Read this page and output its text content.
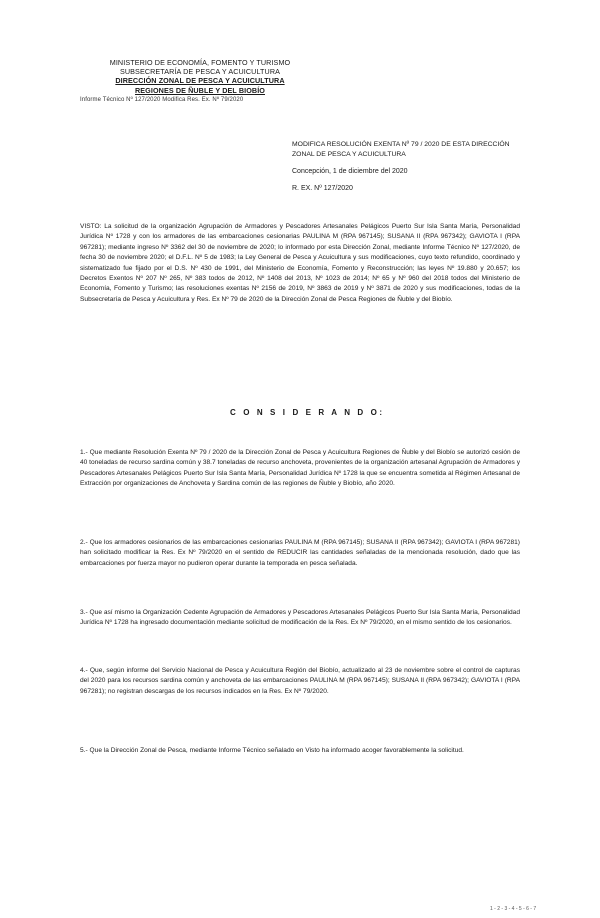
MINISTERIO DE ECONOMÍA, FOMENTO Y TURISMO
SUBSECRETARÍA DE PESCA Y ACUICULTURA
DIRECCIÓN ZONAL DE PESCA Y ACUICULTURA
REGIONES DE ÑUBLE Y DEL BIOBÍO
Informe Técnico Nº 127/2020 Modifica Res. Ex. Nº 79/2020
MODIFICA RESOLUCIÓN EXENTA Nº 79 / 2020 DE ESTA DIRECCIÓN ZONAL DE PESCA Y ACUICULTURA
Concepción, 1 de diciembre del 2020
R. EX. Nº 127/2020
VISTO: La solicitud de la organización Agrupación de Armadores y Pescadores Artesanales Pelágicos Puerto Sur Isla Santa María, Personalidad Jurídica Nº 1728 y con los armadores de las embarcaciones cesionarias PAULINA M (RPA 967145); SUSANA II (RPA 967342); GAVIOTA I (RPA 967281); mediante ingreso Nº 3362 del 30 de noviembre de 2020; lo informado por esta Dirección Zonal, mediante Informe Técnico Nº 127/2020, de fecha 30 de noviembre 2020; el D.F.L. Nº 5 de 1983; la Ley General de Pesca y Acuicultura y sus modificaciones, cuyo texto refundido, coordinado y sistematizado fue fijado por el D.S. Nº 430 de 1991, del Ministerio de Economía, Fomento y Reconstrucción; las leyes Nº 19.880 y 20.657; los Decretos Exentos Nº 207 Nº 265, Nº 383 todos de 2012, Nº 1408 del 2013, Nº 1023 de 2014; Nº 65 y Nº 960 del 2018 todos del Ministerio de Economía, Fomento y Turismo; las resoluciones exentas Nº 2156 de 2019, Nº 3863 de 2019 y Nº 3871 de 2020 y sus modificaciones, todas de la Subsecretaría de Pesca y Acuicultura y Res. Ex Nº 79 de 2020 de la Dirección Zonal de Pesca Regiones de Ñuble y del Biobío.
C O N S I D E R A N D O:
1.- Que mediante Resolución Exenta Nº 79 / 2020 de la Dirección Zonal de Pesca y Acuicultura Regiones de Ñuble y del Biobío se autorizó cesión de 40 toneladas de recurso sardina común y 38.7 toneladas de recurso anchoveta, provenientes de la organización artesanal Agrupación de Armadores y Pescadores Artesanales Pelágicos Puerto Sur Isla Santa María, Personalidad Jurídica Nº 1728 la que se encuentra sometida al Régimen Artesanal de Extracción por organizaciones de Anchoveta y Sardina común de las regiones de Ñuble y Biobío, año 2020.
2.- Que los armadores cesionarios de las embarcaciones cesionarias PAULINA M (RPA 967145); SUSANA II (RPA 967342); GAVIOTA I (RPA 967281) han solicitado modificar la Res. Ex Nº 79/2020 en el sentido de REDUCIR las cantidades señaladas de la mencionada resolución, dado que las embarcaciones por fuerza mayor no pudieron operar durante la temporada en pesca señalada.
3.- Que así mismo la Organización Cedente Agrupación de Armadores y Pescadores Artesanales Pelágicos Puerto Sur Isla Santa María, Personalidad Jurídica Nº 1728 ha ingresado documentación mediante solicitud de modificación de la Res. Ex Nº 79/2020, en el mismo sentido de los cesionarios.
4.- Que, según informe del Servicio Nacional de Pesca y Acuicultura Región del Biobío, actualizado al 23 de noviembre sobre el control de capturas del 2020 para los recursos sardina común y anchoveta de las embarcaciones PAULINA M (RPA 967145); SUSANA II (RPA 967342); GAVIOTA I (RPA 967281); no registran descargas de los recursos indicados en la Res. Ex Nº 79/2020.
5.- Que la Dirección Zonal de Pesca, mediante Informe Técnico señalado en Visto ha informado acoger favorablemente la solicitud.
1 - 2 - 3 - 4 - 5 - 6 - 7
